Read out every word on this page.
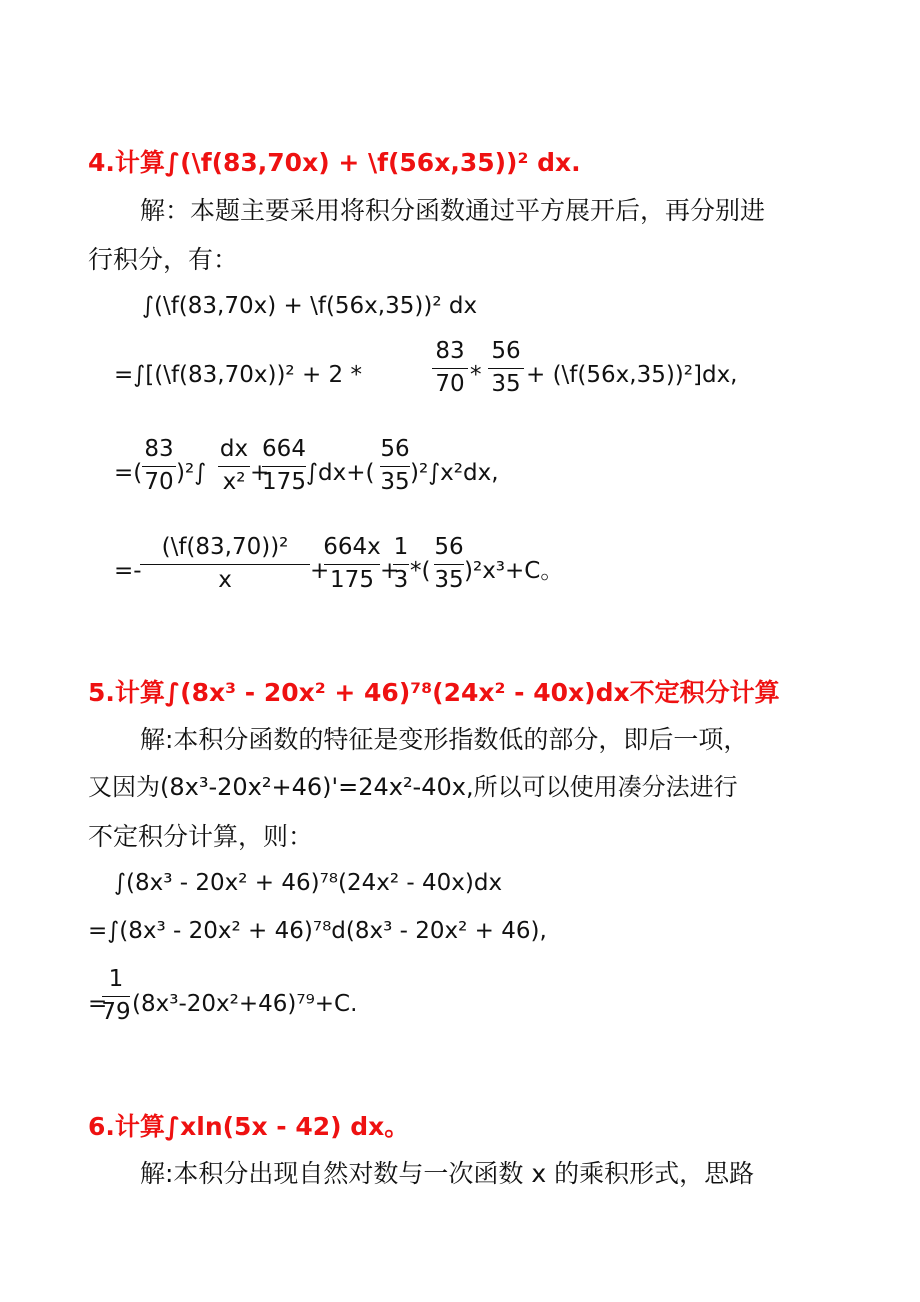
4.计算∫(\f(83,70x) + \f(56x,35))² dx.
解：本题主要采用将积分函数通过平方展开后，再分别进
行积分，有：
∫(\f(83,70x) + \f(56x,35))² dx
=∫[(\f(83,70x))² + 2 *
83
70 *
56
35 + (\f(56x,35))²]dx,
=(
83
70 )²∫
dx
x² +
664
175 ∫dx+(
56
35 )²∫x²dx,
=-
(\f(83,70))²
x	+
664x
175 +
1
3 *(
56
35 )²x³+C。
5.计算∫(8x³ - 20x² + 46)⁷⁸(24x² - 40x)dx不定积分计算
解:本积分函数的特征是变形指数低的部分，即后一项，
又因为(8x³-20x²+46)'=24x²-40x,所以可以使用凑分法进行
不定积分计算，则：
∫(8x³ - 20x² + 46)⁷⁸(24x² - 40x)dx
=∫(8x³ - 20x² + 46)⁷⁸d(8x³ - 20x² + 46),
=
1
79 (8x³-20x²+46)⁷⁹+C.
6.计算∫xln(5x - 42) dx。
解:本积分出现自然对数与一次函数 x 的乘积形式，思路
